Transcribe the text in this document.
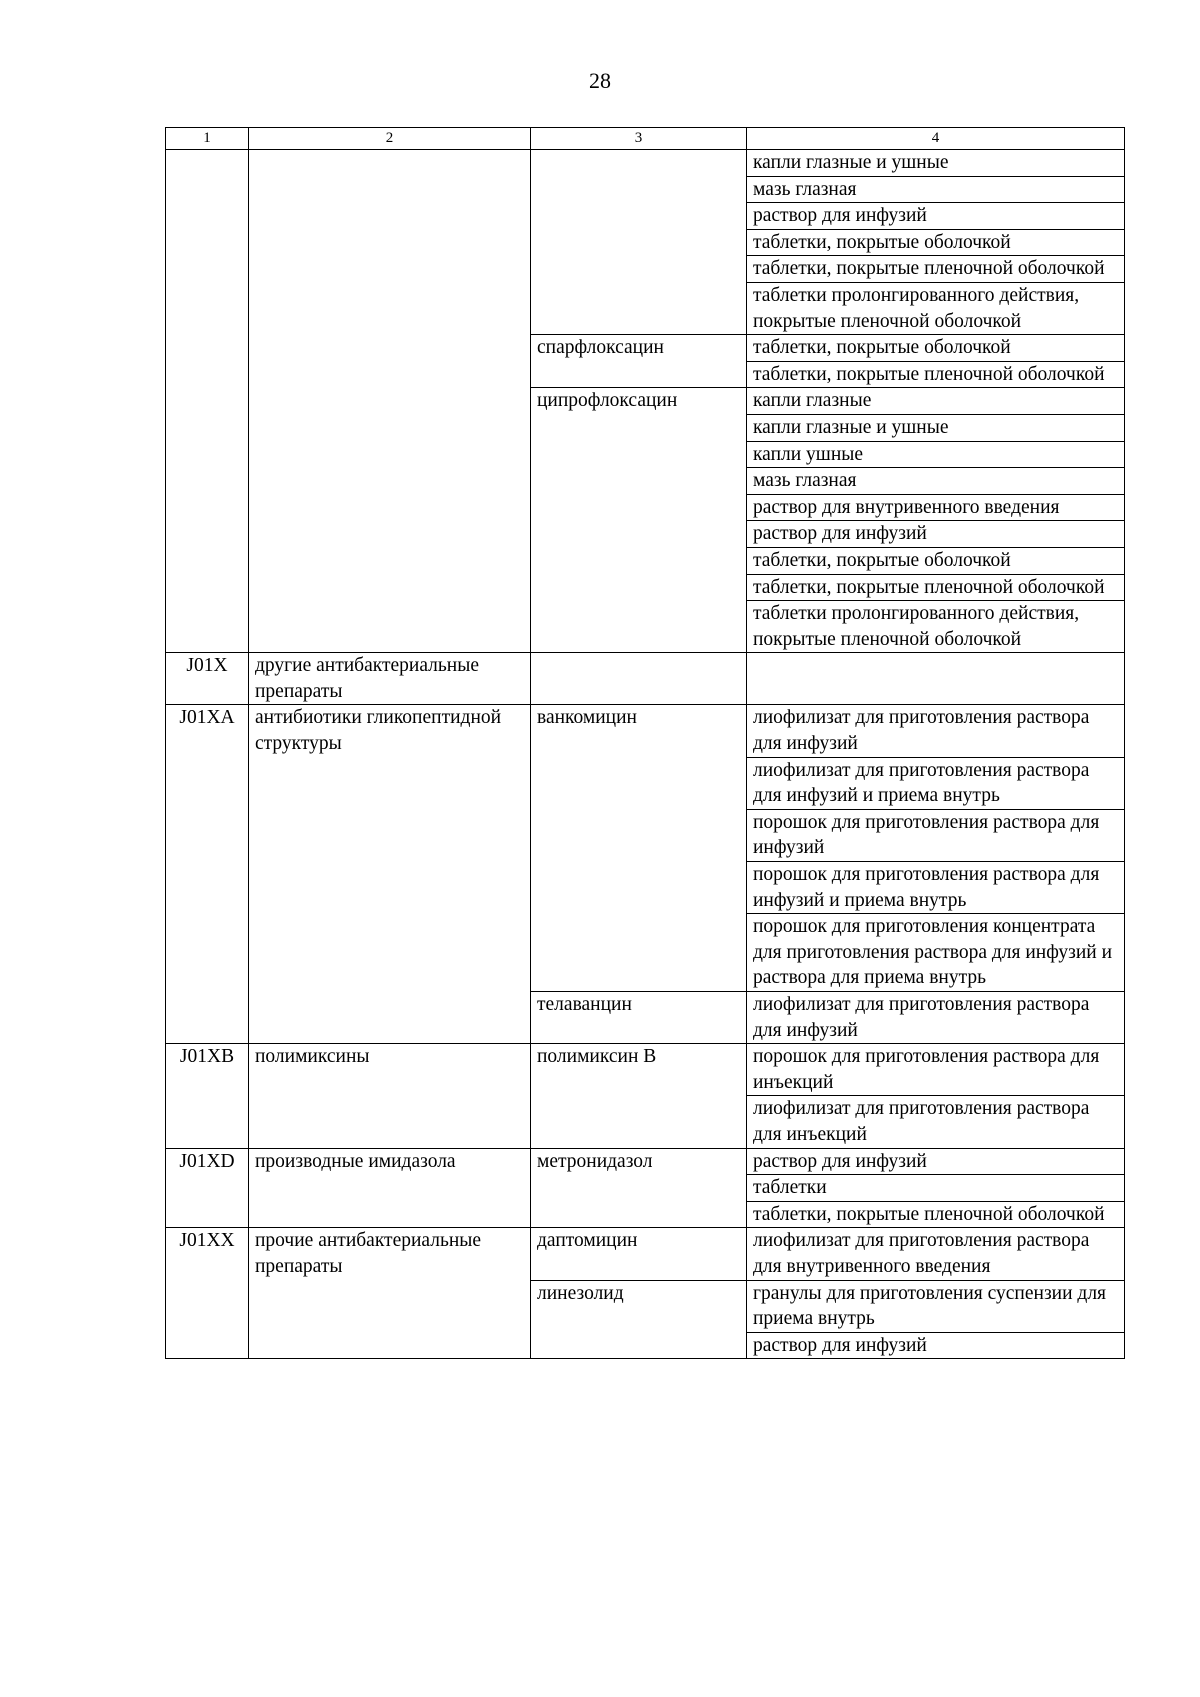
28
1	2	3	4
			капли глазные и ушные
			мазь глазная
			раствор для инфузий
			таблетки, покрытые оболочкой
			таблетки, покрытые пленочной оболочкой
			таблетки пролонгированного действия, покрытые пленочной оболочкой
		спарфлоксацин	таблетки, покрытые оболочкой
			таблетки, покрытые пленочной оболочкой
		ципрофлоксацин	капли глазные
			капли глазные и ушные
			капли ушные
			мазь глазная
			раствор для внутривенного введения
			раствор для инфузий
			таблетки, покрытые оболочкой
			таблетки, покрытые пленочной оболочкой
			таблетки пролонгированного действия, покрытые пленочной оболочкой
J01X	другие антибактериальные препараты		
J01XA	антибиотики гликопептидной структуры	ванкомицин	лиофилизат для приготовления раствора для инфузий
			лиофилизат для приготовления раствора для инфузий и приема внутрь
			порошок для приготовления раствора для инфузий
			порошок для приготовления раствора для инфузий и приема внутрь
			порошок для приготовления концентрата для приготовления раствора для инфузий и раствора для приема внутрь
		телаванцин	лиофилизат для приготовления раствора для инфузий
J01XB	полимиксины	полимиксин B	порошок для приготовления раствора для инъекций
			лиофилизат для приготовления раствора для инъекций
J01XD	производные имидазола	метронидазол	раствор для инфузий
			таблетки
			таблетки, покрытые пленочной оболочкой
J01XX	прочие антибактериальные препараты	даптомицин	лиофилизат для приготовления раствора для внутривенного введения
		линезолид	гранулы для приготовления суспензии для приема внутрь
			раствор для инфузий
